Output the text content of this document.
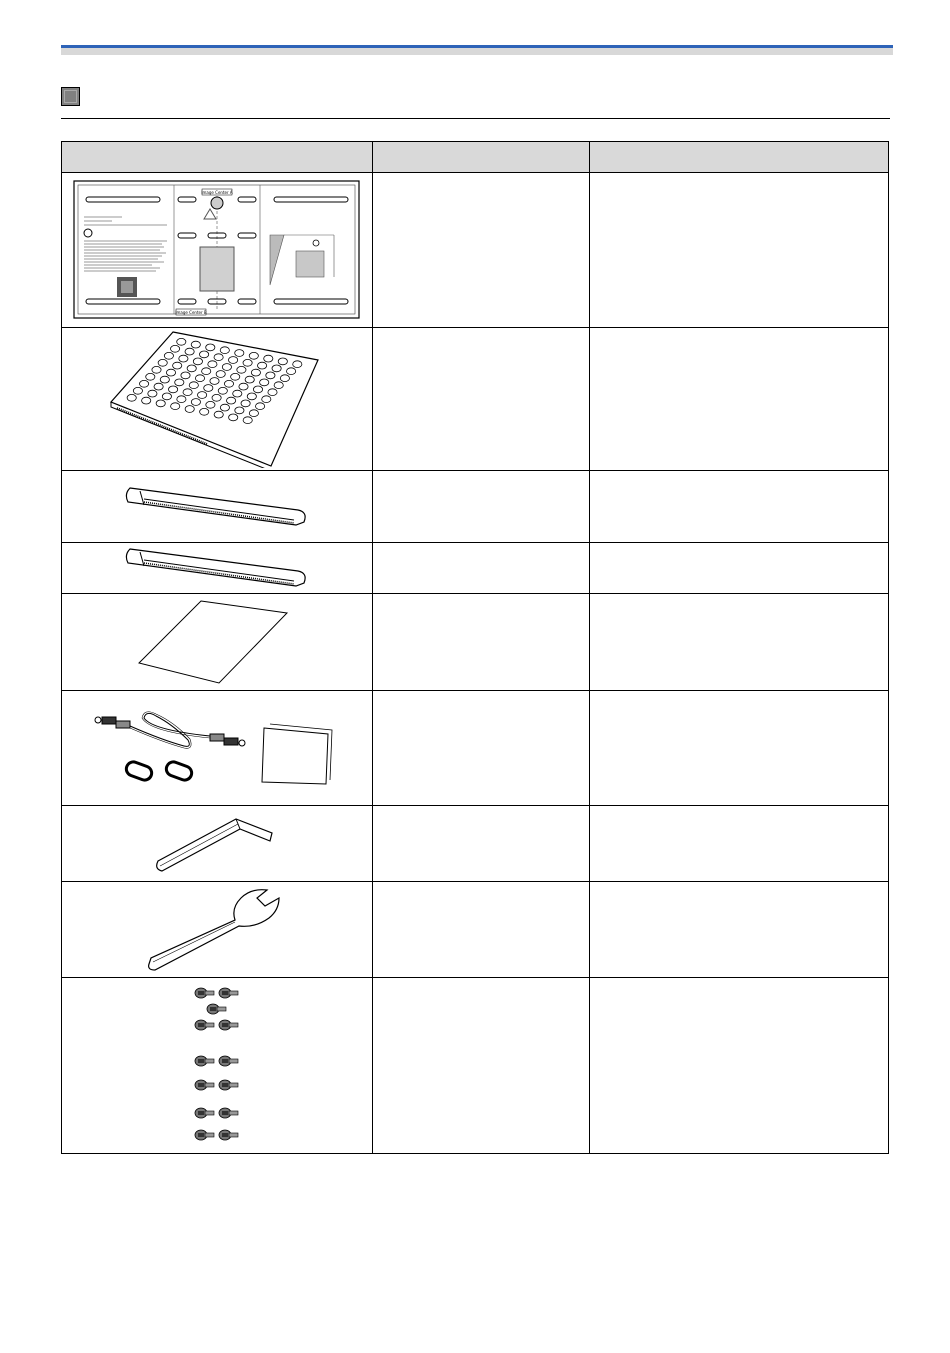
Image Center A
Image Center B		
